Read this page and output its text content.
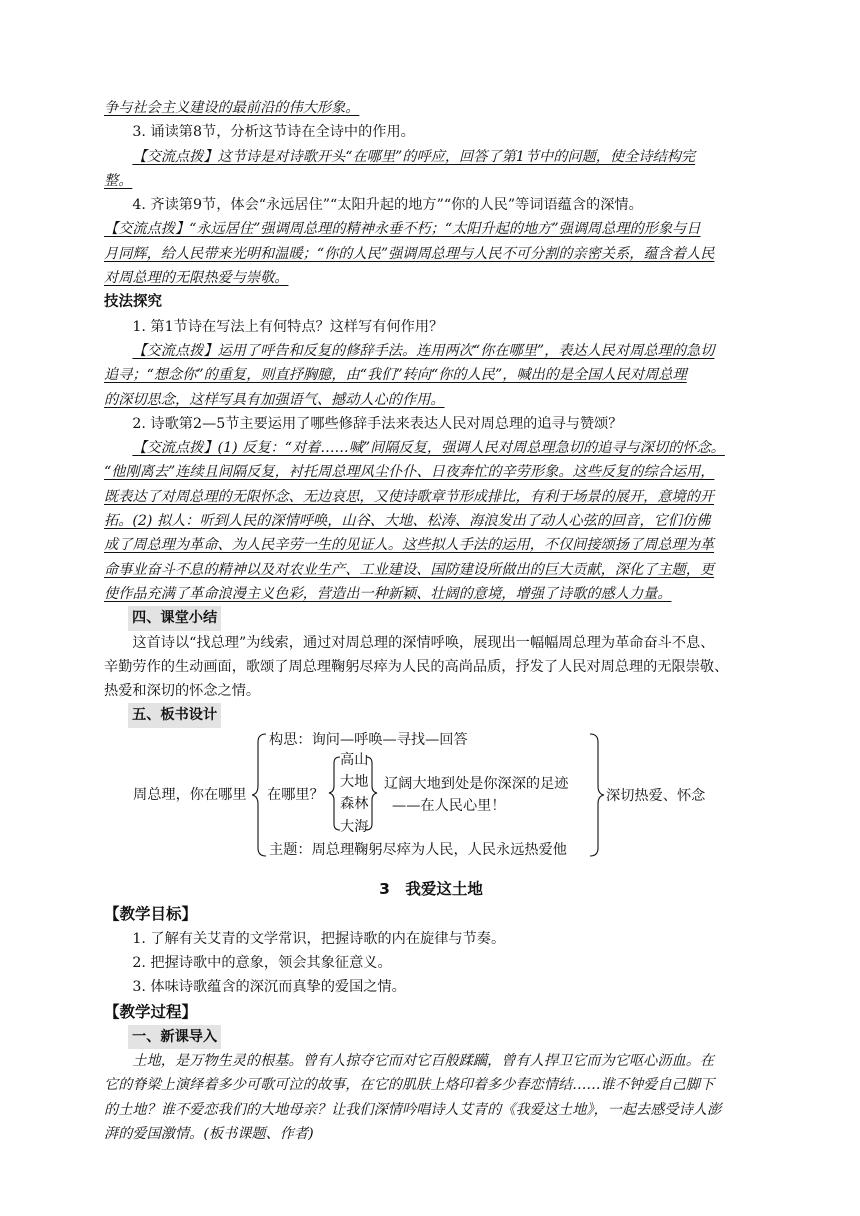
争与社会主义建设的最前沿的伟大形象。

3. 诵读第8节，分析这节诗在全诗中的作用。

【交流点拨】这节诗是对诗歌开头“在哪里”的呼应，回答了第1节中的问题，使全诗结构完

整。

4. 齐读第9节，体会“永远居住”“太阳升起的地方”“你的人民”等词语蕴含的深情。

【交流点拨】“永远居住”强调周总理的精神永垂不朽；“太阳升起的地方”强调周总理的形象与日

月同辉，给人民带来光明和温暖；“你的人民”强调周总理与人民不可分割的亲密关系，蕴含着人民

对周总理的无限热爱与崇敬。

技法探究

1. 第1节诗在写法上有何特点？这样写有何作用？

【交流点拨】运用了呼告和反复的修辞手法。连用两次“你在哪里”，表达人民对周总理的急切

追寻；“想念你”的重复，则直抒胸臆，由“我们”转向“你的人民”，喊出的是全国人民对周总理

的深切思念，这样写具有加强语气、撼动人心的作用。

2. 诗歌第2—5节主要运用了哪些修辞手法来表达人民对周总理的追寻与赞颂？

【交流点拨】(1) 反复：“对着……喊”间隔反复，强调人民对周总理急切的追寻与深切的怀念。

“他刚离去”连续且间隔反复，衬托周总理风尘仆仆、日夜奔忙的辛劳形象。这些反复的综合运用，

既表达了对周总理的无限怀念、无边哀思，又使诗歌章节形成排比，有利于场景的展开，意境的开

拓。(2) 拟人：听到人民的深情呼唤，山谷、大地、松涛、海浪发出了动人心弦的回音，它们仿佛

成了周总理为革命、为人民辛劳一生的见证人。这些拟人手法的运用，不仅间接颂扬了周总理为革

命事业奋斗不息的精神以及对农业生产、工业建设、国防建设所做出的巨大贡献，深化了主题，更

使作品充满了革命浪漫主义色彩，营造出一种新颖、壮阔的意境，增强了诗歌的感人力量。

四、课堂小结

这首诗以“找总理”为线索，通过对周总理的深情呼唤，展现出一幅幅周总理为革命奋斗不息、

辛勤劳作的生动画面，歌颂了周总理鞠躬尽瘁为人民的高尚品质，抒发了人民对周总理的无限崇敬、

热爱和深切的怀念之情。

五、板书设计

周总理，你在哪里
构思：询问—呼唤—寻找—回答
在哪里？
高山
大地
森林
大海
辽阔大地到处是你深深的足迹
——在人民心里！
主题：周总理鞠躬尽瘁为人民，人民永远热爱他
深切热爱、怀念

3　我爱这土地

【教学目标】

1. 了解有关艾青的文学常识，把握诗歌的内在旋律与节奏。

2. 把握诗歌中的意象，领会其象征意义。

3. 体味诗歌蕴含的深沉而真挚的爱国之情。

【教学过程】

一、新课导入

土地，是万物生灵的根基。曾有人掠夺它而对它百般蹂躏，曾有人捍卫它而为它呕心沥血。在

它的脊梁上演绎着多少可歌可泣的故事，在它的肌肤上烙印着多少春恋情结……谁不钟爱自己脚下

的土地？谁不爱恋我们的大地母亲？让我们深情吟唱诗人艾青的《我爱这土地》，一起去感受诗人澎

湃的爱国激情。(板书课题、作者)
